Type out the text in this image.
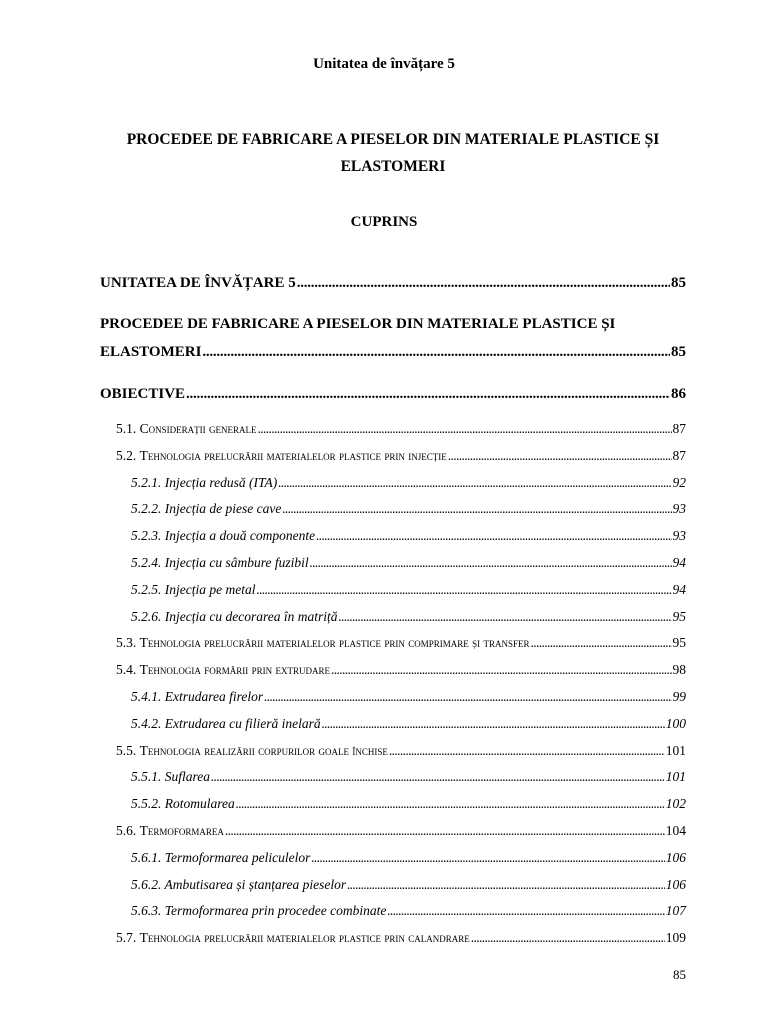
Unitatea de învățare 5
PROCEDEE DE FABRICARE A PIESELOR DIN MATERIALE PLASTICE ȘI
ELASTOMERI
CUPRINS
UNITATEA DE ÎNVĂȚARE 5 . . .	85
PROCEDEE DE FABRICARE A PIESELOR DIN MATERIALE PLASTICE ȘI
ELASTOMERI . . .	85
OBIECTIVE . . .	86
5.1. Considerații generale . . .	87
5.2. Tehnologia prelucrării materialelor plastice prin injecție . . .	87
5.2.1. Injecția redusă (ITA) . . .	92
5.2.2. Injecția de piese cave . . .	93
5.2.3. Injecția a două componente . . .	93
5.2.4. Injecția cu sâmbure fuzibil . . .	94
5.2.5. Injecția pe metal . . .	94
5.2.6. Injecția cu decorarea în matriță . . .	95
5.3. Tehnologia prelucrării materialelor plastice prin comprimare și transfer . . .	95
5.4. Tehnologia formării prin extrudare . . .	98
5.4.1. Extrudarea firelor . . .	99
5.4.2. Extrudarea cu filieră inelară . . .	100
5.5. Tehnologia realizării corpurilor goale închise . . .	101
5.5.1. Suflarea . . .	101
5.5.2. Rotomularea . . .	102
5.6. Termoformarea . . .	104
5.6.1. Termoformarea peliculelor . . .	106
5.6.2. Ambutisarea și ștanțarea pieselor . . .	106
5.6.3. Termoformarea prin procedee combinate . . .	107
5.7. Tehnologia prelucrării materialelor plastice prin calandrare . . .	109
85
